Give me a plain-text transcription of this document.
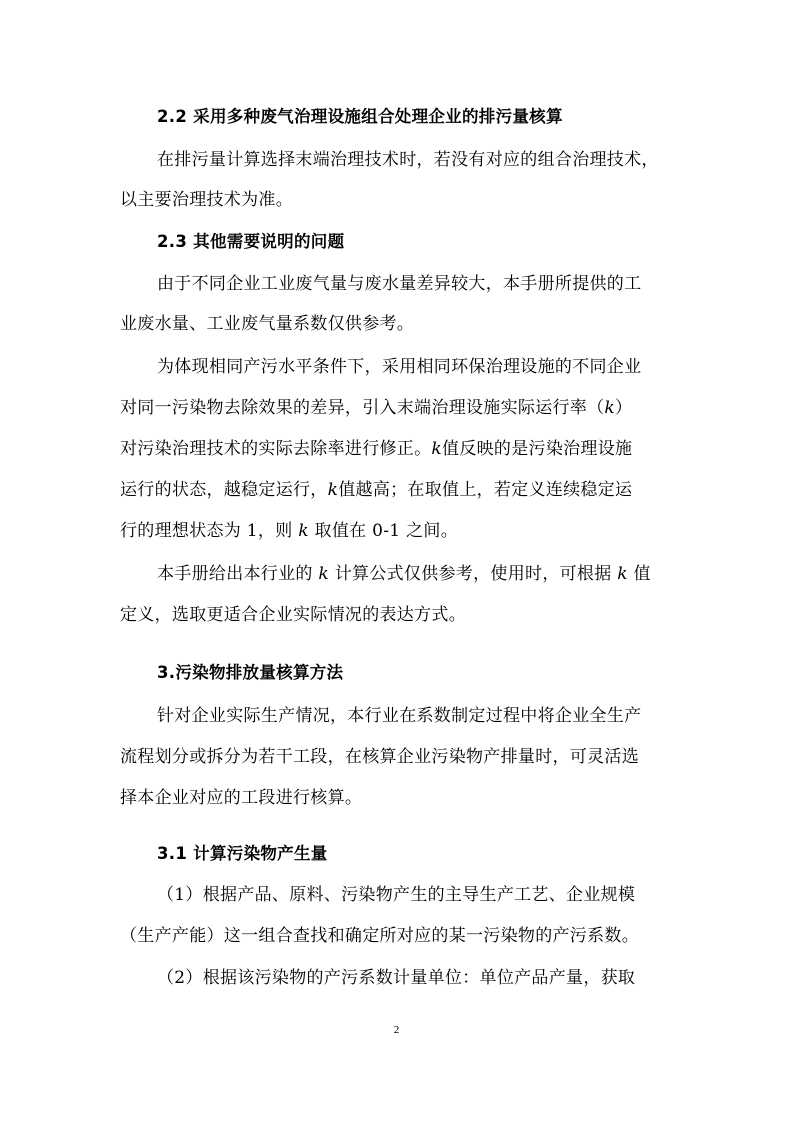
2.2 采用多种废气治理设施组合处理企业的排污量核算
在排污量计算选择末端治理技术时，若没有对应的组合治理技术，
以主要治理技术为准。
2.3 其他需要说明的问题
由于不同企业工业废气量与废水量差异较大，本手册所提供的工
业废水量、工业废气量系数仅供参考。
为体现相同产污水平条件下，采用相同环保治理设施的不同企业
对同一污染物去除效果的差异，引入末端治理设施实际运行率（k）
对污染治理技术的实际去除率进行修正。k值反映的是污染治理设施
运行的状态，越稳定运行，k值越高；在取值上，若定义连续稳定运
行的理想状态为 1，则 k 取值在 0-1 之间。
本手册给出本行业的 k 计算公式仅供参考，使用时，可根据 k 值
定义，选取更适合企业实际情况的表达方式。
3.污染物排放量核算方法
针对企业实际生产情况，本行业在系数制定过程中将企业全生产
流程划分或拆分为若干工段，在核算企业污染物产排量时，可灵活选
择本企业对应的工段进行核算。
3.1 计算污染物产生量
（1）根据产品、原料、污染物产生的主导生产工艺、企业规模
（生产产能）这一组合查找和确定所对应的某一污染物的产污系数。
（2）根据该污染物的产污系数计量单位：单位产品产量，获取
2
